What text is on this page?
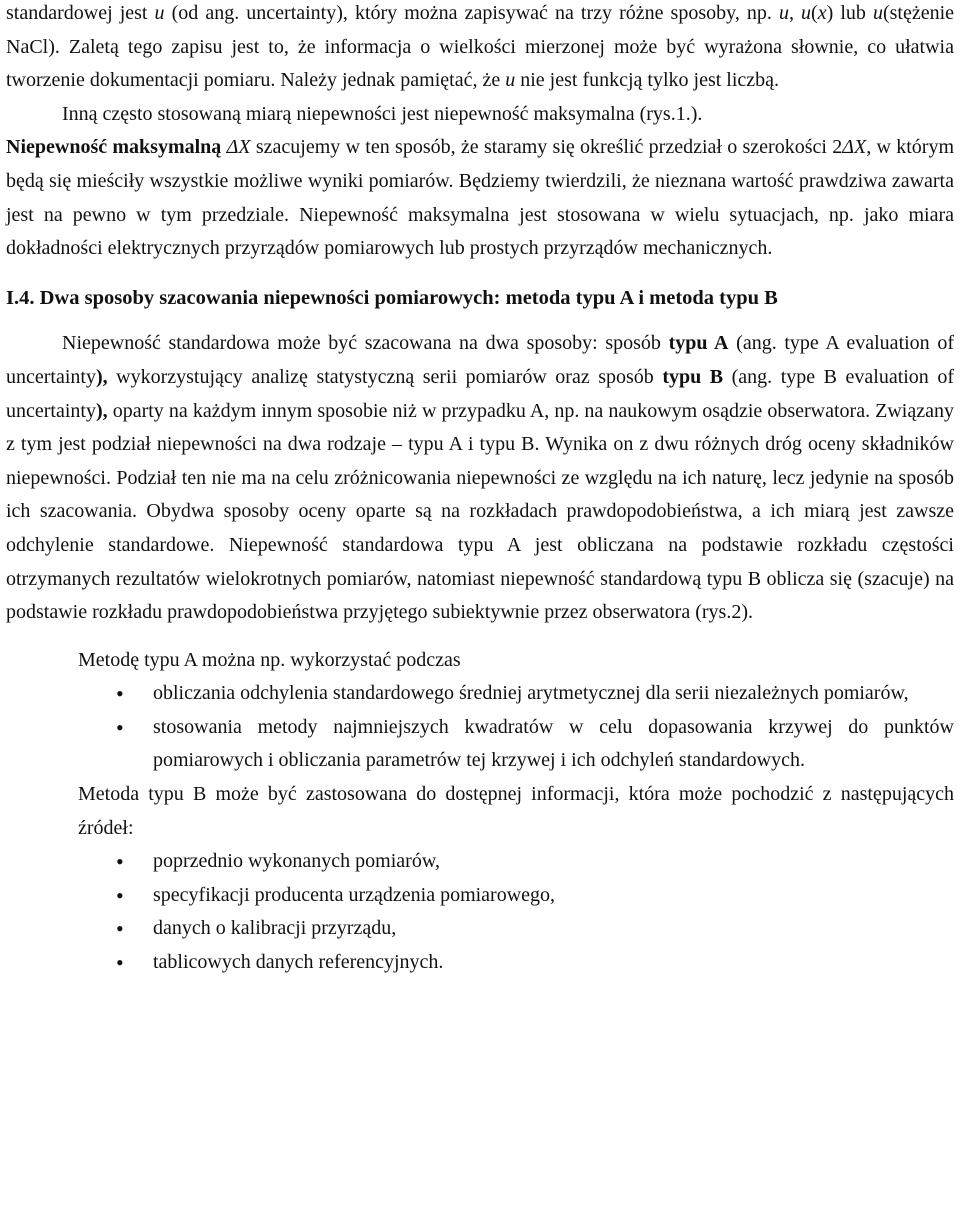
standardowej jest u (od ang. uncertainty), który można zapisywać na trzy różne sposoby, np. u, u(x) lub u(stężenie NaCl). Zaletą tego zapisu jest to, że informacja o wielkości mierzonej może być wyrażona słownie, co ułatwia tworzenie dokumentacji pomiaru. Należy jednak pamiętać, że u nie jest funkcją tylko jest liczbą.

Inną często stosowaną miarą niepewności jest niepewność maksymalna (rys.1.).

Niepewność maksymalną ΔX szacujemy w ten sposób, że staramy się określić przedział o szerokości 2ΔX, w którym będą się mieściły wszystkie możliwe wyniki pomiarów. Będziemy twierdzili, że nieznana wartość prawdziwa zawarta jest na pewno w tym przedziale. Niepewność maksymalna jest stosowana w wielu sytuacjach, np. jako miara dokładności elektrycznych przyrządów pomiarowych lub prostych przyrządów mechanicznych.

I.4. Dwa sposoby szacowania niepewności pomiarowych: metoda typu A i metoda typu B

Niepewność standardowa może być szacowana na dwa sposoby: sposób typu A (ang. type A evaluation of uncertainty), wykorzystujący analizę statystyczną serii pomiarów oraz sposób typu B (ang. type B evaluation of uncertainty), oparty na każdym innym sposobie niż w przypadku A, np. na naukowym osądzie obserwatora. Związany z tym jest podział niepewności na dwa rodzaje – typu A i typu B. Wynika on z dwu różnych dróg oceny składników niepewności. Podział ten nie ma na celu zróżnicowania niepewności ze względu na ich naturę, lecz jedynie na sposób ich szacowania. Obydwa sposoby oceny oparte są na rozkładach prawdopodobieństwa, a ich miarą jest zawsze odchylenie standardowe. Niepewność standardowa typu A jest obliczana na podstawie rozkładu częstości otrzymanych rezultatów wielokrotnych pomiarów, natomiast niepewność standardową typu B oblicza się (szacuje) na podstawie rozkładu prawdopodobieństwa przyjętego subiektywnie przez obserwatora (rys.2).

Metodę typu A można np. wykorzystać podczas

• obliczania odchylenia standardowego średniej arytmetycznej dla serii niezależnych pomiarów,
• stosowania metody najmniejszych kwadratów w celu dopasowania krzywej do punktów pomiarowych i obliczania parametrów tej krzywej i ich odchyleń standardowych.

Metoda typu B może być zastosowana do dostępnej informacji, która może pochodzić z następujących źródeł:

• poprzednio wykonanych pomiarów,
• specyfikacji producenta urządzenia pomiarowego,
• danych o kalibracji przyrządu,
• tablicowych danych referencyjnych.
